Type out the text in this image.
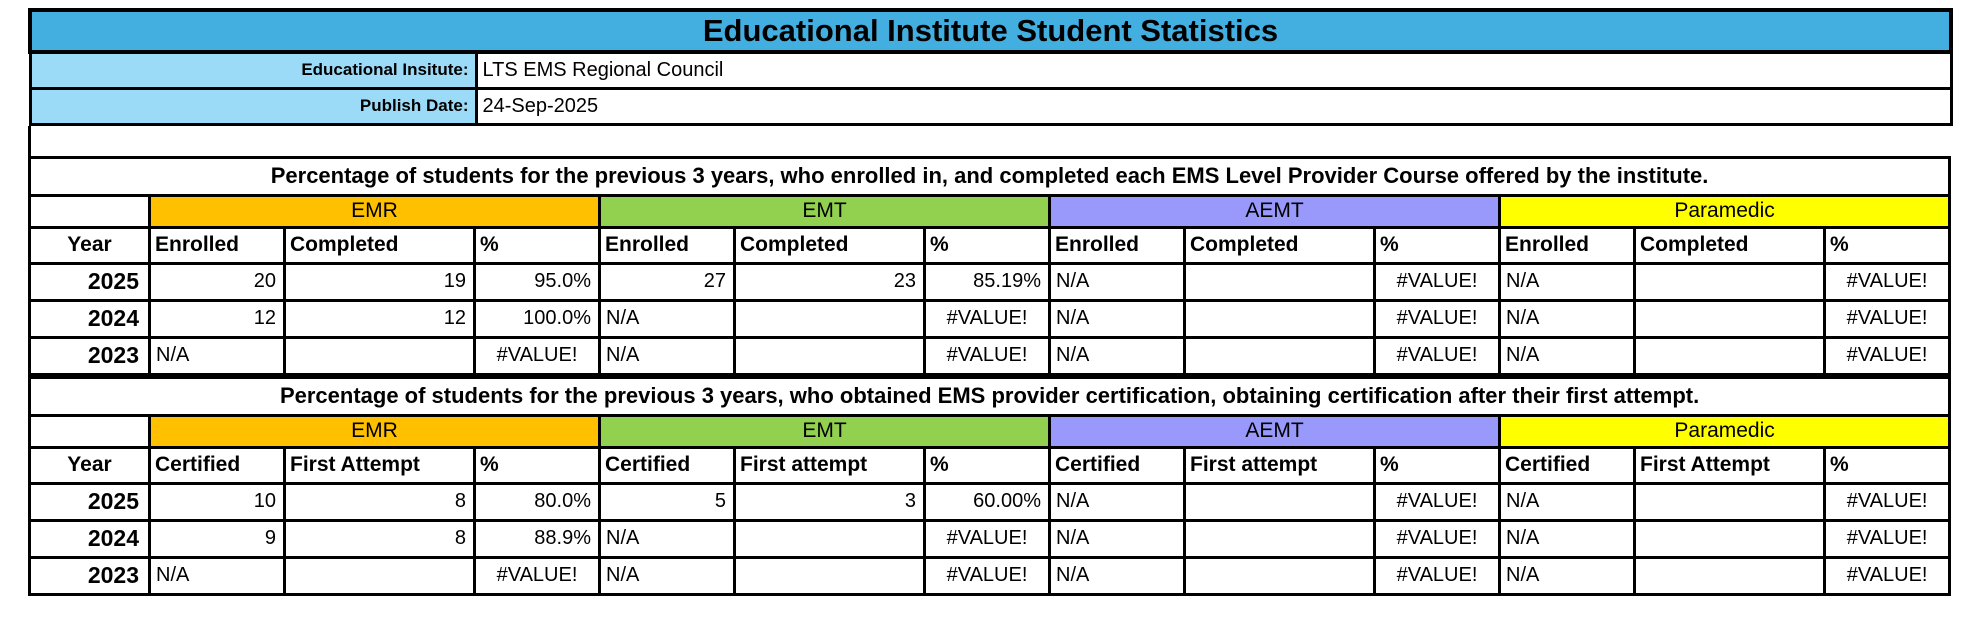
Educational Institute Student Statistics	
Educational Insitute:	LTS EMS Regional Council
Publish Date:	24-Sep-2025
Percentage of students for the previous 3 years, who enrolled in, and completed each EMS Level Provider Course offered by the institute.												
	EMR			EMT			AEMT			Paramedic		
Year	Enrolled	Completed	%	Enrolled	Completed	%	Enrolled	Completed	%	Enrolled	Completed	%
2025	20	19	95.0%	27	23	85.19%	N/A		#VALUE!	N/A		#VALUE!
2024	12	12	100.0%	N/A		#VALUE!	N/A		#VALUE!	N/A		#VALUE!
2023	N/A		#VALUE!	N/A		#VALUE!	N/A		#VALUE!	N/A		#VALUE!
Percentage of students for the previous 3 years, who obtained EMS provider certification, obtaining certification after their first attempt.												
	EMR			EMT			AEMT			Paramedic		
Year	Certified	First Attempt	%	Certified	First attempt	%	Certified	First attempt	%	Certified	First Attempt	%
2025	10	8	80.0%	5	3	60.00%	N/A		#VALUE!	N/A		#VALUE!
2024	9	8	88.9%	N/A		#VALUE!	N/A		#VALUE!	N/A		#VALUE!
2023	N/A		#VALUE!	N/A		#VALUE!	N/A		#VALUE!	N/A		#VALUE!
